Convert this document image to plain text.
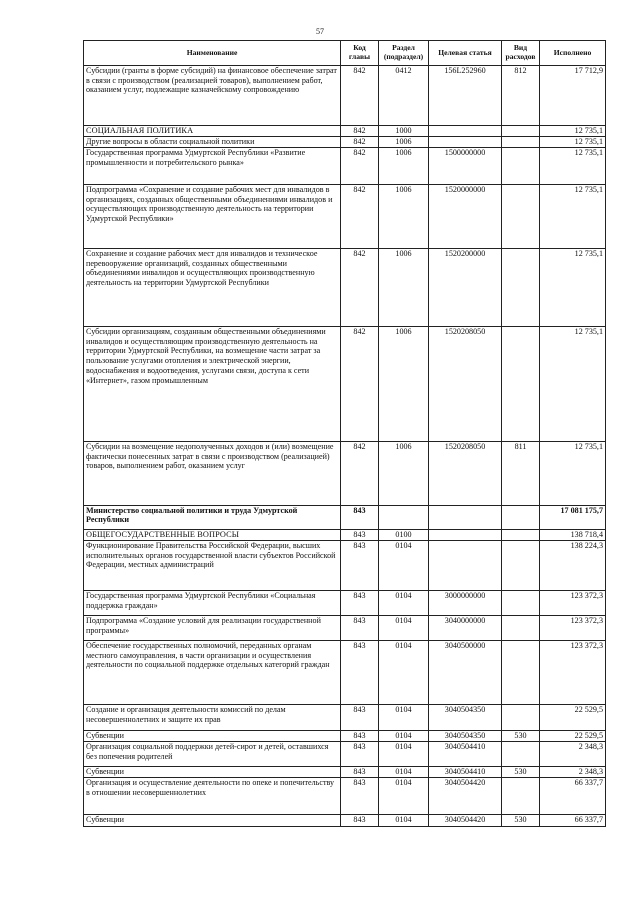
57
Наименование	Код главы	Раздел (подраздел)	Целевая статья	Вид расходов	Исполнено
Субсидии (гранты в форме субсидий) на финансовое обеспечение затрат в связи с производством (реализацией товаров), выполнением работ, оказанием услуг, подлежащие казначейскому сопровождению	842	0412	156L252960	812	17 712,9
СОЦИАЛЬНАЯ ПОЛИТИКА	842	1000			12 735,1
Другие вопросы в области социальной политики	842	1006			12 735,1
Государственная программа Удмуртской Республики «Развитие промышленности и потребительского рынка»	842	1006	1500000000		12 735,1
Подпрограмма «Сохранение и создание рабочих мест для инвалидов в организациях, созданных общественными объединениями инвалидов и осуществляющих производственную деятельность на территории Удмуртской Республики»	842	1006	1520000000		12 735,1
Сохранение и создание рабочих мест для инвалидов и техническое перевооружение организаций, созданных общественными объединениями инвалидов и осуществляющих производственную деятельность на территории Удмуртской Республики	842	1006	1520200000		12 735,1
Субсидии организациям, созданным общественными объединениями инвалидов и осуществляющим производственную деятельность на территории Удмуртской Республики, на возмещение части затрат за пользование услугами отопления и электрической энергии, водоснабжения и водоотведения, услугами связи, доступа к сети «Интернет», газом промышленным	842	1006	1520208050		12 735,1
Субсидии на возмещение недополученных доходов и (или) возмещение фактически понесенных затрат в связи с производством (реализацией) товаров, выполнением работ, оказанием услуг	842	1006	1520208050	811	12 735,1
Министерство социальной политики и труда Удмуртской Республики	843				17 081 175,7
ОБЩЕГОСУДАРСТВЕННЫЕ ВОПРОСЫ	843	0100			138 718,4
Функционирование Правительства Российской Федерации, высших исполнительных органов государственной власти субъектов Российской Федерации, местных администраций	843	0104			138 224,3
Государственная программа Удмуртской Республики «Социальная поддержка граждан»	843	0104	3000000000		123 372,3
Подпрограмма «Создание условий для реализации государственной программы»	843	0104	3040000000		123 372,3
Обеспечение государственных полномочий, переданных органам местного самоуправления, в части организации и осуществления деятельности по социальной поддержке отдельных категорий граждан	843	0104	3040500000		123 372,3
Создание и организация деятельности комиссий по делам несовершеннолетних и защите их прав	843	0104	3040504350		22 529,5
Субвенции	843	0104	3040504350	530	22 529,5
Организация социальной поддержки детей-сирот и детей, оставшихся без попечения родителей	843	0104	3040504410		2 348,3
Субвенции	843	0104	3040504410	530	2 348,3
Организация и осуществление деятельности по опеке и попечительству в отношении несовершеннолетних	843	0104	3040504420		66 337,7
Субвенции	843	0104	3040504420	530	66 337,7
